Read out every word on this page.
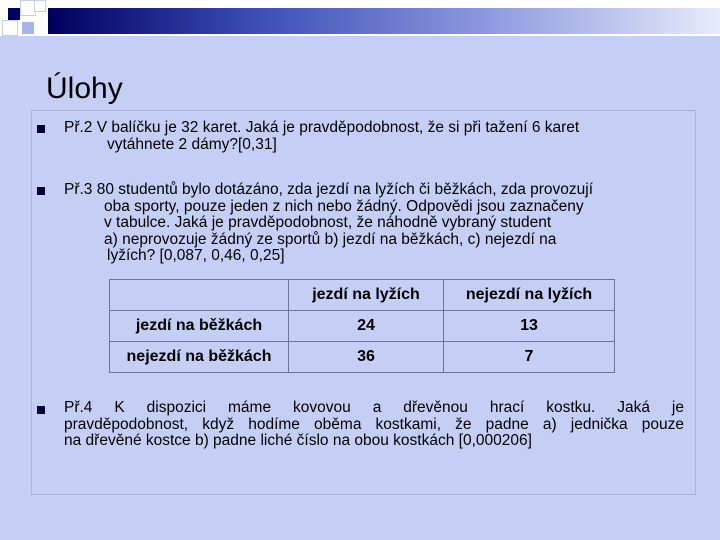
Úlohy
Př.2 V balíčku je 32 karet. Jaká je pravděpodobnost, že si při tažení 6 karet
vytáhnete 2 dámy?[0,31]
Př.3 80 studentů bylo dotázáno, zda jezdí na lyžích či běžkách, zda provozují
oba sporty, pouze jeden z nich nebo žádný. Odpovědi jsou zaznačeny
v tabulce. Jaká je pravděpodobnost, že náhodně vybraný student
a) neprovozuje žádný ze sportů b) jezdí na běžkách, c) nejezdí na
lyžích? [0,087, 0,46, 0,25]
	jezdí na lyžích	nejezdí na lyžích
jezdí na běžkách	24	13
nejezdí na běžkách	36	7
Př.4 K dispozici máme kovovou a dřevěnou hrací kostku. Jaká je
pravděpodobnost, když hodíme oběma kostkami, že padne a) jednička pouze
na dřevěné kostce b) padne liché číslo na obou kostkách [0,000206]
